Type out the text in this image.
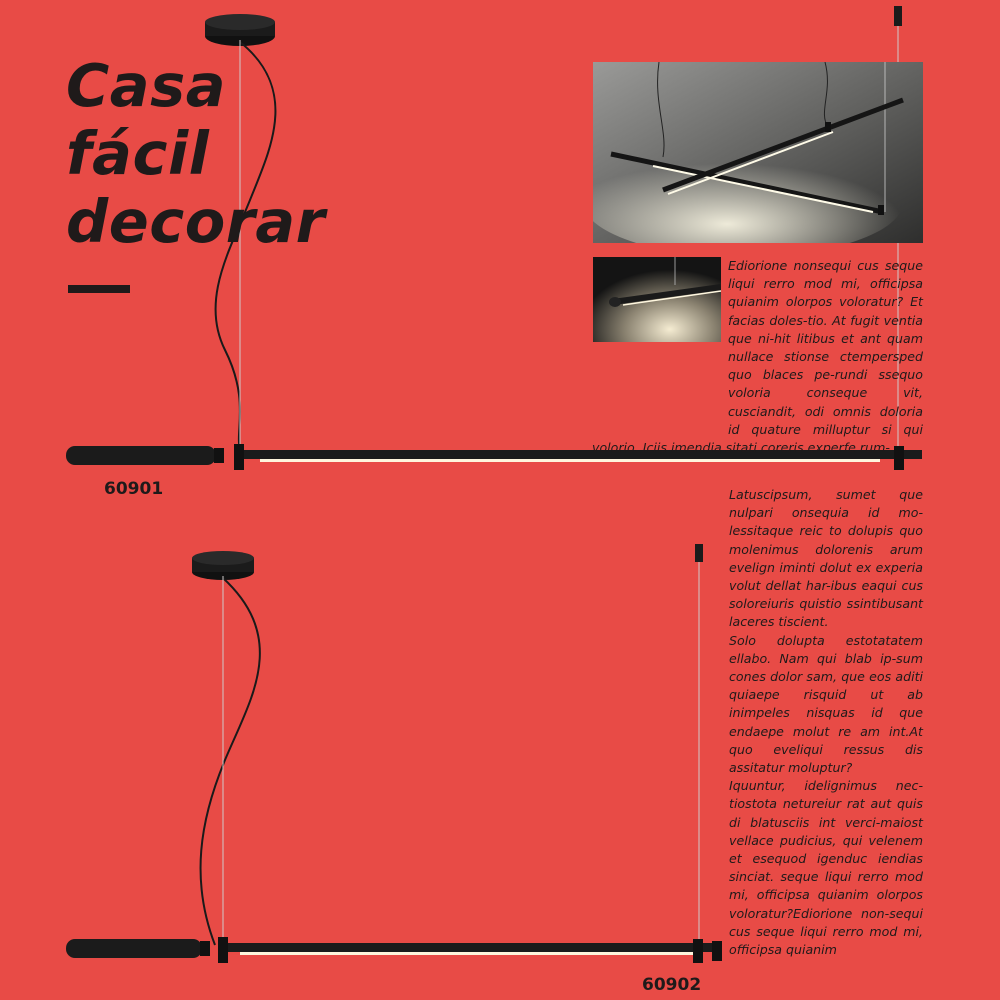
Casa
fácil
decorar
60901
60902
Ediorione nonsequi cus seque liqui rerro mod mi, officipsa quianim olorpos voloratur? Et facias doles-tio. At fugit ventia que ni-hit litibus et ant quam nullace stionse ctempersped quo blaces pe-rundi ssequo voloria conseque vit, cusciandit, odi omnis doloria id quature milluptur si qui volorio. Iciis imendia sitati coreris experfe rum-

Latuscipsum, sumet que nulpari onsequia id mo-lessitaque reic to dolupis quo molenimus dolorenis arum evelign iminti dolut ex experia volut dellat har-ibus eaqui cus soloreiuris quistio ssintibusant laceres tiscient.

Solo dolupta estotatatem ellabo. Nam qui blab ip-sum cones dolor sam, que eos aditi quiaepe risquid ut ab inimpeles nisquas id que endaepe molut re am int.At quo eveliqui ressus dis assitatur moluptur?

Iquuntur, idelignimus nec-tiostota netureiur rat aut quis di blatusciis int verci-maiost vellace pudicius, qui velenem et esequod igenduc iendias sinciat. seque liqui rerro mod mi, officipsa quianim olorpos voloratur?Ediorione non-sequi cus seque liqui rerro mod mi, officipsa quianim
